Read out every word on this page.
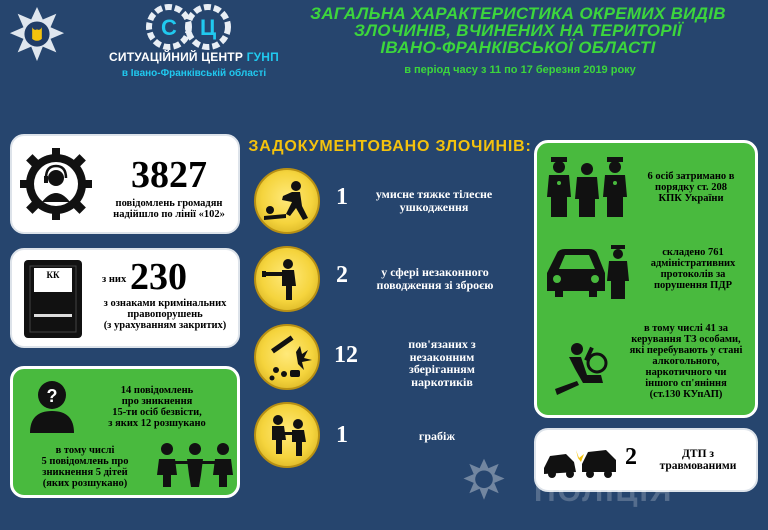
С Ц
СИТУАЦІЙНИЙ ЦЕНТР ГУНП
в Івано-Франківській області
ЗАГАЛЬНА ХАРАКТЕРИСТИКА ОКРЕМИХ ВИДІВ
ЗЛОЧИНІВ, ВЧИНЕНИХ НА ТЕРИТОРІЇ
ІВАНО-ФРАНКІВСЬКОЇ ОБЛАСТІ
в період часу з 11 по 17 березня 2019 року
ЗАДОКУМЕНТОВАНО ЗЛОЧИНІВ:
3827
повідомлень громадян
надійшло по лінії «102»
КК
УКРАЇНИ
з них 230
з ознаками кримінальних
правопорушень
(з урахуванням закритих)
?	14 повідомлень
про зникнення
15-ти осіб безвісти,
з яких 12 розшукано
в тому числі
5 повідомлень про
зникнення 5 дітей
(яких розшукано)
1	умисне тяжке тілесне
ушкодження
2	у сфері незаконного
поводження зі зброєю
12	пов'язаних з
незаконним
зберіганням
наркотиків
1	грабіж
6 осіб затримано в
порядку ст. 208
КПК України
складено 761
адміністративних
протоколів за
порушення ПДР
в тому числі 41 за
керування ТЗ особами,
які перебувають у стані
алкогольного,
наркотичного чи
іншого сп'яніння
(ст.130 КУпАП)
2	ДТП з
травмованими
ПОЛІЦІЯ
